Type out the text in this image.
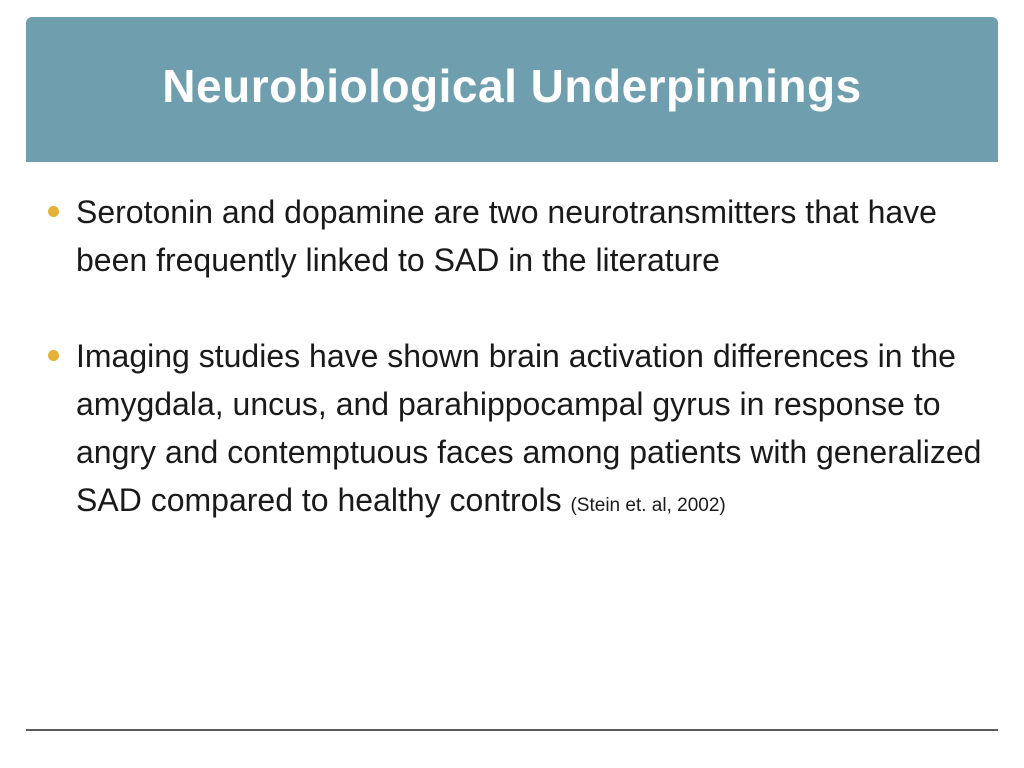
Neurobiological Underpinnings
Serotonin and dopamine are two neurotransmitters that have been frequently linked to SAD in the literature
Imaging studies have shown brain activation differences in the amygdala, uncus, and parahippocampal gyrus in response to angry and contemptuous faces among patients with generalized SAD compared to healthy controls (Stein et. al, 2002)
